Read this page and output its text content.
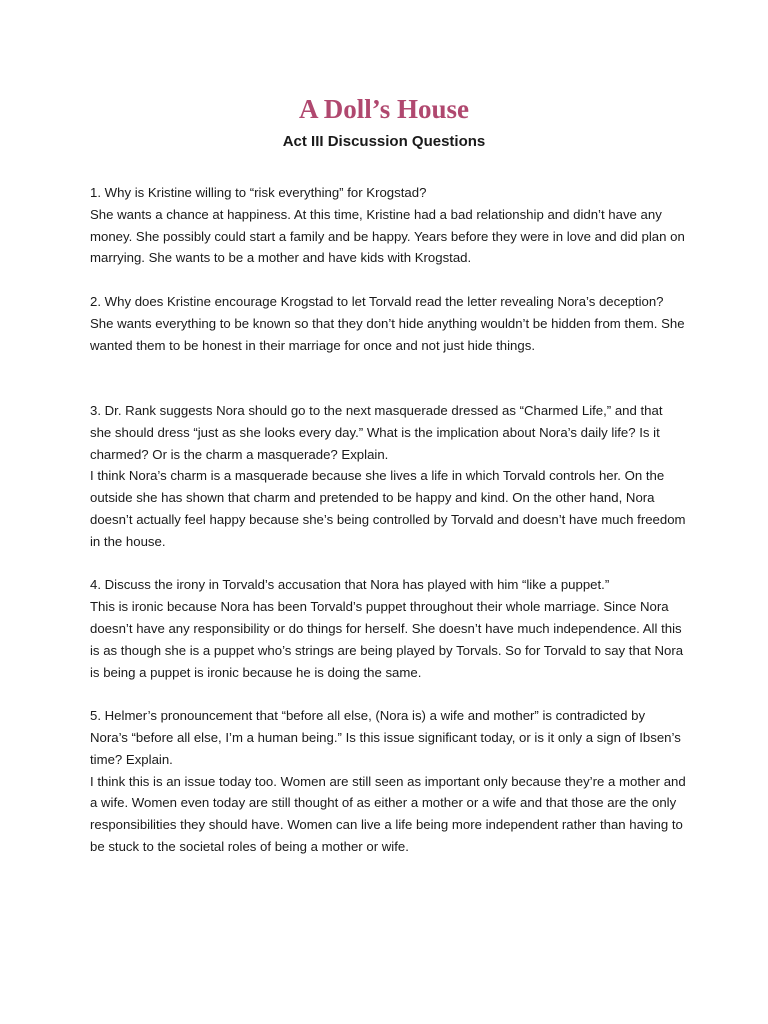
A Doll’s House
Act III Discussion Questions

1. Why is Kristine willing to “risk everything” for Krogstad?

She wants a chance at happiness. At this time, Kristine had a bad relationship and didn’t have any money. She possibly could start a family and be happy. Years before they were in love and did plan on marrying. She wants to be a mother and have kids with Krogstad.

2. Why does Kristine encourage Krogstad to let Torvald read the letter revealing Nora’s deception?

She wants everything to be known so that they don’t hide anything wouldn’t be hidden from them. She wanted them to be honest in their marriage for once and not just hide things.

3. Dr. Rank suggests Nora should go to the next masquerade dressed as “Charmed Life,” and that she should dress “just as she looks every day.” What is the implication about Nora’s daily life? Is it charmed? Or is the charm a masquerade? Explain.

I think Nora’s charm is a masquerade because she lives a life in which Torvald controls her. On the outside she has shown that charm and pretended to be happy and kind. On the other hand, Nora doesn’t actually feel happy because she’s being controlled by Torvald and doesn’t have much freedom in the house.

4. Discuss the irony in Torvald’s accusation that Nora has played with him “like a puppet.”

This is ironic because Nora has been Torvald’s puppet throughout their whole marriage. Since Nora doesn’t have any responsibility or do things for herself. She doesn’t have much independence. All this is as though she is a puppet who’s strings are being played by Torvals. So for Torvald to say that Nora is being a puppet is ironic because he is doing the same.

5. Helmer’s pronouncement that “before all else, (Nora is) a wife and mother” is contradicted by Nora’s “before all else, I’m a human being.” Is this issue significant today, or is it only a sign of Ibsen’s time? Explain.

I think this is an issue today too. Women are still seen as important only because they’re a mother and a wife. Women even today are still thought of as either a mother or a wife and that those are the only responsibilities they should have. Women can live a life being more independent rather than having to be stuck to the societal roles of being a mother or wife.
